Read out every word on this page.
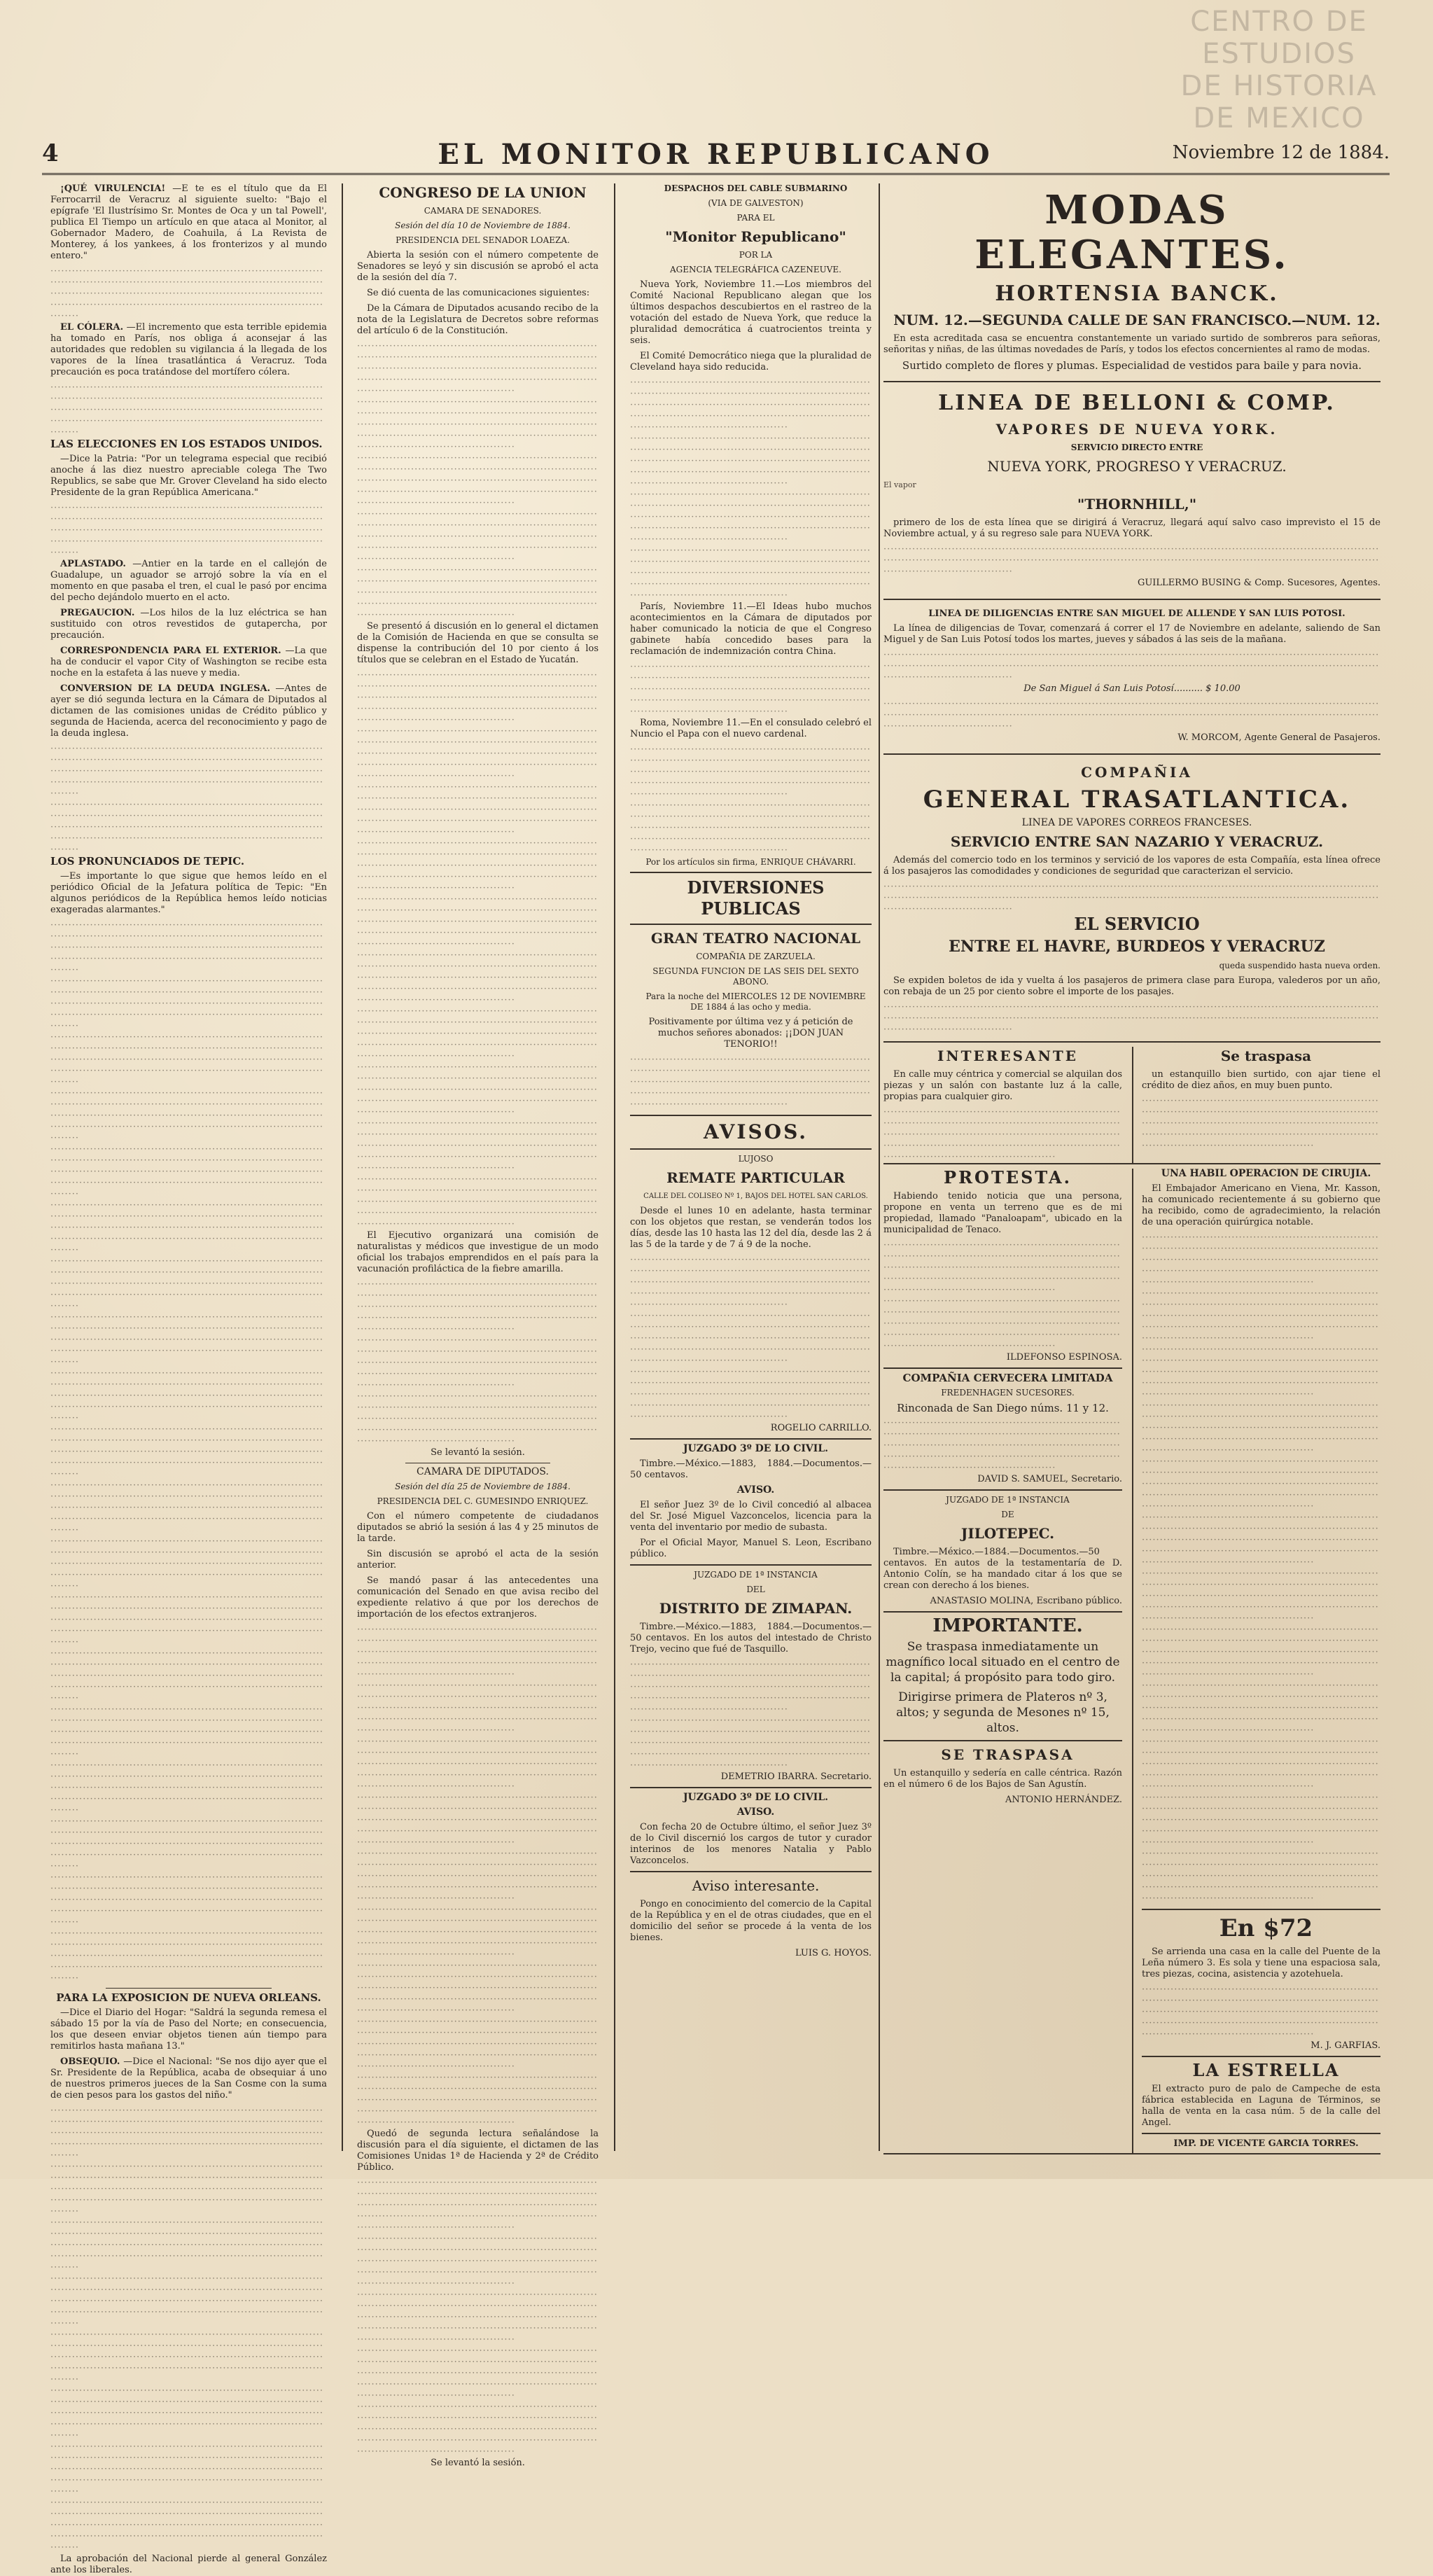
CENTRO DE
ESTUDIOS
DE HISTORIA
DE MEXICO
4	EL MONITOR REPUBLICANO	Noviembre 12 de 1884.

¡QUÉ VIRULENCIA! —E te es el título que da El Ferrocarril de Veracruz al siguiente suelto: "Bajo el epígrafe 'El Ilustrísimo Sr. Montes de Oca y un tal Powell', publica El Tiempo un artículo en que ataca al Monitor, al Gobernador Madero, de Coahuila, á La Revista de Monterey, á los yankees, á los fronterizos y al mundo entero."

························································································································································································································································································································

EL CÓLERA. —El incremento que esta terrible epidemia ha tomado en París, nos obliga á aconsejar á las autoridades que redoblen su vigilancia á la llegada de los vapores de la línea trasatlántica á Veracruz. Toda precaución es poca tratándose del mortífero cólera.

························································································································································································································································································································

LAS ELECCIONES EN LOS ESTADOS UNIDOS.

—Dice la Patria: "Por un telegrama especial que recibió anoche á las diez nuestro apreciable colega The Two Republics, se sabe que Mr. Grover Cleveland ha sido electo Presidente de la gran República Americana."

························································································································································································································································································································

APLASTADO. —Antier en la tarde en el callejón de Guadalupe, un aguador se arrojó sobre la vía en el momento en que pasaba el tren, el cual le pasó por encima del pecho dejándolo muerto en el acto.

PREGAUCION. —Los hilos de la luz eléctrica se han sustituido con otros revestidos de gutapercha, por precaución.

CORRESPONDENCIA PARA EL EXTERIOR. —La que ha de conducir el vapor City of Washington se recibe esta noche en la estafeta á las nueve y media.

CONVERSION DE LA DEUDA INGLESA. —Antes de ayer se dió segunda lectura en la Cámara de Diputados al dictamen de las comisiones unidas de Crédito público y segunda de Hacienda, acerca del reconocimiento y pago de la deuda inglesa.

························································································································································································································································································································

························································································································································································································································································································

LOS PRONUNCIADOS DE TEPIC.

—Es importante lo que sigue que hemos leído en el periódico Oficial de la Jefatura política de Tepic: "En algunos periódicos de la República hemos leído noticias exageradas alarmantes."

························································································································································································································································································································

························································································································································································································································································································

························································································································································································································································································································

························································································································································································································································································································

························································································································································································································································································································

························································································································································································································································································································

························································································································································································································································································································

························································································································································································································································································································

························································································································································································································································································································

························································································································································································································································································································

························································································································································································································································································································

························································································································································································································································································································

························································································································································································································································································································

························································································································································································································································································································

························································································································································································································································································································

························································································································································································································································································································

························································································································································································································································································································

························································································································································································································································································································

························································································································································································································································································································

PARA LA EXPOSICION DE NUEVA ORLEANS.

—Dice el Diario del Hogar: "Saldrá la segunda remesa el sábado 15 por la vía de Paso del Norte; en consecuencia, los que deseen enviar objetos tienen aún tiempo para remitirlos hasta mañana 13."

OBSEQUIO. —Dice el Nacional: "Se nos dijo ayer que el Sr. Presidente de la República, acaba de obsequiar á uno de nuestros primeros jueces de la San Cosme con la suma de cien pesos para los gastos del niño."

························································································································································································································································································································

························································································································································································································································································································

························································································································································································································································································································

························································································································································································································································································································

························································································································································································································································································································

························································································································································································································································································································

························································································································································································································································································································

························································································································································································································································································································

La aprobación del Nacional pierde al general González ante los liberales.

CONGRESO DE LA UNION

CAMARA DE SENADORES.

Sesión del día 10 de Noviembre de 1884.

PRESIDENCIA DEL SENADOR LOAEZA.

Abierta la sesión con el número competente de Senadores se leyó y sin discusión se aprobó el acta de la sesión del día 7.

Se dió cuenta de las comunicaciones siguientes:

De la Cámara de Diputados acusando recibo de la nota de la Legislatura de Decretos sobre reformas del artículo 6 de la Constitución.

························································································································································································································································································································

························································································································································································································································································································

························································································································································································································································································································

························································································································································································································································································································

························································································································································································································································································································

Se presentó á discusión en lo general el dictamen de la Comisión de Hacienda en que se consulta se dispense la contribución del 10 por ciento á los títulos que se celebran en el Estado de Yucatán.

························································································································································································································································································································

························································································································································································································································································································

························································································································································································································································································································

························································································································································································································································································································

························································································································································································································································································································

························································································································································································································································································································

························································································································································································································································································································

························································································································································································································································································································

························································································································································································································································································································

························································································································································································································································································································

El Ejecutivo organizará una comisión de naturalistas y médicos que investigue de un modo oficial los trabajos emprendidos en el país para la vacunación profiláctica de la fiebre amarilla.

························································································································································································································································································································

························································································································································································································································································································

························································································································································································································································································································

Se levantó la sesión.

CAMARA DE DIPUTADOS.

Sesión del día 25 de Noviembre de 1884.

PRESIDENCIA DEL C. GUMESINDO ENRIQUEZ.

Con el número competente de ciudadanos diputados se abrió la sesión á las 4 y 25 minutos de la tarde.

Sin discusión se aprobó el acta de la sesión anterior.

Se mandó pasar á las antecedentes una comunicación del Senado en que avisa recibo del expediente relativo á que por los derechos de importación de los efectos extranjeros.

························································································································································································································································································································

························································································································································································································································································································

························································································································································································································································································································

························································································································································································································································································································

························································································································································································································································································································

························································································································································································································································································································

························································································································································································································································································································

························································································································································································································································································································

························································································································································································································································································································

Quedó de segunda lectura señalándose la discusión para el día siguiente, el dictamen de las Comisiones Unidas 1ª de Hacienda y 2ª de Crédito Público.

························································································································································································································································································································

························································································································································································································································································································

························································································································································································································································································································

························································································································································································································································································································

························································································································································································································································································································

Se levantó la sesión.

DESPACHOS DEL CABLE SUBMARINO

(VIA DE GALVESTON)

PARA EL

"Monitor Republicano"

POR LA

AGENCIA TELEGRÁFICA CAZENEUVE.

Nueva York, Noviembre 11.—Los miembros del Comité Nacional Republicano alegan que los últimos despachos descubiertos en el rastreo de la votación del estado de Nueva York, que reduce la pluralidad democrática á cuatrocientos treinta y seis.

El Comité Democrático niega que la pluralidad de Cleveland haya sido reducida.

························································································································································································································································································································

························································································································································································································································································································

························································································································································································································································································································

························································································································································································································································································································

París, Noviembre 11.—El Ideas hubo muchos acontecimientos en la Cámara de diputados por haber comunicado la noticia de que el Congreso gabinete había concedido bases para la reclamación de indemnización contra China.

························································································································································································································································································································

Roma, Noviembre 11.—En el consulado celebró el Nuncio el Papa con el nuevo cardenal.

························································································································································································································································································································

························································································································································································································································································································

Por los artículos sin firma, ENRIQUE CHÁVARRI.

DIVERSIONES PUBLICAS

GRAN TEATRO NACIONAL

COMPAÑIA DE ZARZUELA.

SEGUNDA FUNCION DE LAS SEIS DEL SEXTO ABONO.

Para la noche del MIERCOLES 12 DE NOVIEMBRE DE 1884 á las ocho y media.

Positivamente por última vez y á petición de muchos señores abonados: ¡¡DON JUAN TENORIO!!

························································································································································································································································································································

AVISOS.

LUJOSO

REMATE PARTICULAR

CALLE DEL COLISEO Nº 1, BAJOS DEL HOTEL SAN CARLOS.

Desde el lunes 10 en adelante, hasta terminar con los objetos que restan, se venderán todos los días, desde las 10 hasta las 12 del día, desde las 2 á las 5 de la tarde y de 7 á 9 de la noche.

························································································································································································································································································································

························································································································································································································································································································

························································································································································································································································································································

ROGELIO CARRILLO.

JUZGADO 3º DE LO CIVIL.

Timbre.—México.—1883, 1884.—Documentos.—50 centavos.

AVISO.

El señor Juez 3º de lo Civil concedió al albacea del Sr. José Miguel Vazconcelos, licencia para la venta del inventario por medio de subasta.

Por el Oficial Mayor, Manuel S. Leon, Escribano público.

JUZGADO DE 1ª INSTANCIA

DEL

DISTRITO DE ZIMAPAN.

Timbre.—México.—1883, 1884.—Documentos.—50 centavos. En los autos del intestado de Christo Trejo, vecino que fué de Tasquillo.

························································································································································································································································································································

························································································································································································································································································································

DEMETRIO IBARRA. Secretario.

JUZGADO 3º DE LO CIVIL.

AVISO.

Con fecha 20 de Octubre último, el señor Juez 3º de lo Civil discernió los cargos de tutor y curador interinos de los menores Natalia y Pablo Vazconcelos.

Aviso interesante.

Pongo en conocimiento del comercio de la Capital de la República y en el de otras ciudades, que en el domicilio del señor se procede á la venta de los bienes.

LUIS G. HOYOS.

MODAS ELEGANTES.

HORTENSIA BANCK.

NUM. 12.—SEGUNDA CALLE DE SAN FRANCISCO.—NUM. 12.

En esta acreditada casa se encuentra constantemente un variado surtido de sombreros para señoras, señoritas y niñas, de las últimas novedades de París, y todos los efectos concernientes al ramo de modas.

Surtido completo de flores y plumas. Especialidad de vestidos para baile y para novia.

LINEA DE BELLONI & COMP.

VAPORES DE NUEVA YORK.

SERVICIO DIRECTO ENTRE

NUEVA YORK, PROGRESO Y VERACRUZ.

El vapor

"THORNHILL,"

primero de los de esta línea que se dirigirá á Veracruz, llegará aquí salvo caso imprevisto el 15 de Noviembre actual, y á su regreso sale para NUEVA YORK.

························································································································································································································································································································

GUILLERMO BUSING & Comp. Sucesores, Agentes.

LINEA DE DILIGENCIAS ENTRE SAN MIGUEL DE ALLENDE Y SAN LUIS POTOSI.

La línea de diligencias de Tovar, comenzará á correr el 17 de Noviembre en adelante, saliendo de San Miguel y de San Luis Potosí todos los martes, jueves y sábados á las seis de la mañana.

························································································································································································································································································································

De San Miguel á San Luis Potosí.......... $ 10.00

························································································································································································································································································································

W. MORCOM, Agente General de Pasajeros.

COMPAÑIA

GENERAL TRASATLANTICA.

LINEA DE VAPORES CORREOS FRANCESES.

SERVICIO ENTRE SAN NAZARIO Y VERACRUZ.

Además del comercio todo en los terminos y servició de los vapores de esta Compañía, esta línea ofrece á los pasajeros las comodidades y condiciones de seguridad que caracterizan el servicio.

························································································································································································································································································································

EL SERVICIO

ENTRE EL HAVRE, BURDEOS Y VERACRUZ

queda suspendido hasta nueva orden.

Se expiden boletos de ida y vuelta á los pasajeros de primera clase para Europa, valederos por un año, con rebaja de un 25 por ciento sobre el importe de los pasajes.

························································································································································································································································································································

INTERESANTE

En calle muy céntrica y comercial se alquilan dos piezas y un salón con bastante luz á la calle, propias para cualquier giro.

························································································································································································································································································································

Se traspasa

un estanquillo bien surtido, con ajar tiene el crédito de diez años, en muy buen punto.

························································································································································································································································································································

PROTESTA.

Habiendo tenido noticia que una persona, propone en venta un terreno que es de mi propiedad, llamado "Panaloapam", ubicado en la municipalidad de Tenaco.

························································································································································································································································································································

························································································································································································································································································································

ILDEFONSO ESPINOSA.

COMPAÑIA CERVECERA LIMITADA

FREDENHAGEN SUCESORES.

Rinconada de San Diego núms. 11 y 12.

························································································································································································································································································································

DAVID S. SAMUEL, Secretario.

JUZGADO DE 1ª INSTANCIA

DE

JILOTEPEC.

Timbre.—México.—1884.—Documentos.—50 centavos. En autos de la testamentaría de D. Antonio Colín, se ha mandado citar á los que se crean con derecho á los bienes.

ANASTASIO MOLINA, Escribano público.

IMPORTANTE.

Se traspasa inmediatamente un magnífico local situado en el centro de la capital; á propósito para todo giro.

Dirigirse primera de Plateros nº 3, altos; y segunda de Mesones nº 15, altos.

SE TRASPASA

Un estanquillo y sedería en calle céntrica. Razón en el número 6 de los Bajos de San Agustín.

ANTONIO HERNÁNDEZ.

UNA HABIL OPERACION DE CIRUJIA.

El Embajador Americano en Viena, Mr. Kasson, ha comunicado recientemente á su gobierno que ha recibido, como de agradecimiento, la relación de una operación quirúrgica notable.

························································································································································································································································································································

························································································································································································································································································································

························································································································································································································································································································

························································································································································································································································································································

························································································································································································································································································································

························································································································································································································································································································

························································································································································································································································································································

························································································································································································································································································································

························································································································································································································································································································

························································································································································································································································································································

························································································································································································································································································································

························································································································································································································································································································

En $72

Se arrienda una casa en la calle del Puente de la Leña número 3. Es sola y tiene una espaciosa sala, tres piezas, cocina, asistencia y azotehuela.

························································································································································································································································································································

M. J. GARFIAS.

LA ESTRELLA

El extracto puro de palo de Campeche de esta fábrica establecida en Laguna de Términos, se halla de venta en la casa núm. 5 de la calle del Angel.

IMP. DE VICENTE GARCIA TORRES.
